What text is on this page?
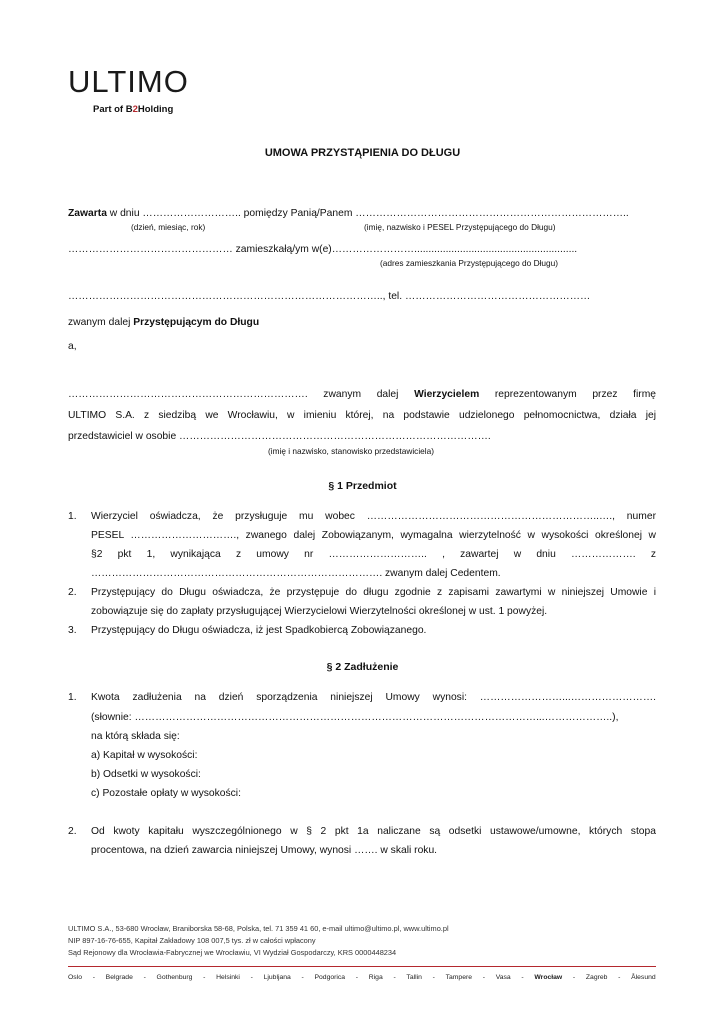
ULTIMO
Part of B2Holding
UMOWA PRZYSTĄPIENIA DO DŁUGU
Zawarta w dniu ……………………….. pomiędzy Panią/Panem ……………………………………………………………………..
(dzień, miesiąc, rok)	(imię, nazwisko i PESEL Przystępującego do Długu)
………………………………………… zamieszkałą/ym w(e)…………………….........................................................
(adres zamieszkania Przystępującego do Długu)
……………………………………………………………………………….., tel. ………………………………………………
zwanym dalej Przystępującym do Długu
a,
……………………………………………………………. zwanym dalej Wierzycielem reprezentowanym przez firmę
ULTIMO S.A. z siedzibą we Wrocławiu, w imieniu której, na podstawie udzielonego pełnomocnictwa, działa jej
przedstawiciel w osobie ……………………………………………………………………………….
(imię i nazwisko, stanowisko przedstawiciela)
§ 1 Przedmiot
1. Wierzyciel oświadcza, że przysługuje mu wobec …………………………………………………………..…., numer
PESEL …………………………., zwanego dalej Zobowiązanym, wymagalna wierzytelność w wysokości określonej w
§2 pkt 1, wynikająca z umowy nr ……………………….. , zawartej w dniu ………………. z
…………………………………………………………………………. zwanym dalej Cedentem.
2. Przystępujący do Długu oświadcza, że przystępuje do długu zgodnie z zapisami zawartymi w niniejszej Umowie i
zobowiązuje się do zapłaty przysługującej Wierzycielowi Wierzytelności określonej w ust. 1 powyżej.
3. Przystępujący do Długu oświadcza, iż jest Spadkobiercą Zobowiązanego.
§ 2 Zadłużenie
1. Kwota zadłużenia na dzień sporządzenia niniejszej Umowy wynosi: ……………………...…………………….
(słownie: ………………………………………………………………………………………………………...………………..),
na którą składa się:
a) Kapitał w wysokości:
b) Odsetki w wysokości:
c) Pozostałe opłaty w wysokości:
2. Od kwoty kapitału wyszczególnionego w § 2 pkt 1a naliczane są odsetki ustawowe/umowne, których stopa
procentowa, na dzień zawarcia niniejszej Umowy, wynosi ……. w skali roku.
ULTIMO S.A., 53-680 Wrocław, Braniborska 58-68, Polska, tel. 71 359 41 60, e-mail ultimo@ultimo.pl, www.ultimo.pl
NIP 897-16-76-655, Kapitał Zakładowy 108 007,5 tys. zł w całości wpłacony
Sąd Rejonowy dla Wrocławia-Fabrycznej we Wrocławiu, VI Wydział Gospodarczy, KRS 0000448234
Oslo - Belgrade - Gothenburg - Helsinki - Ljubljana - Podgorica - Riga - Tallin - Tampere - Vasa - Wrocław - Zagreb - Ålesund
